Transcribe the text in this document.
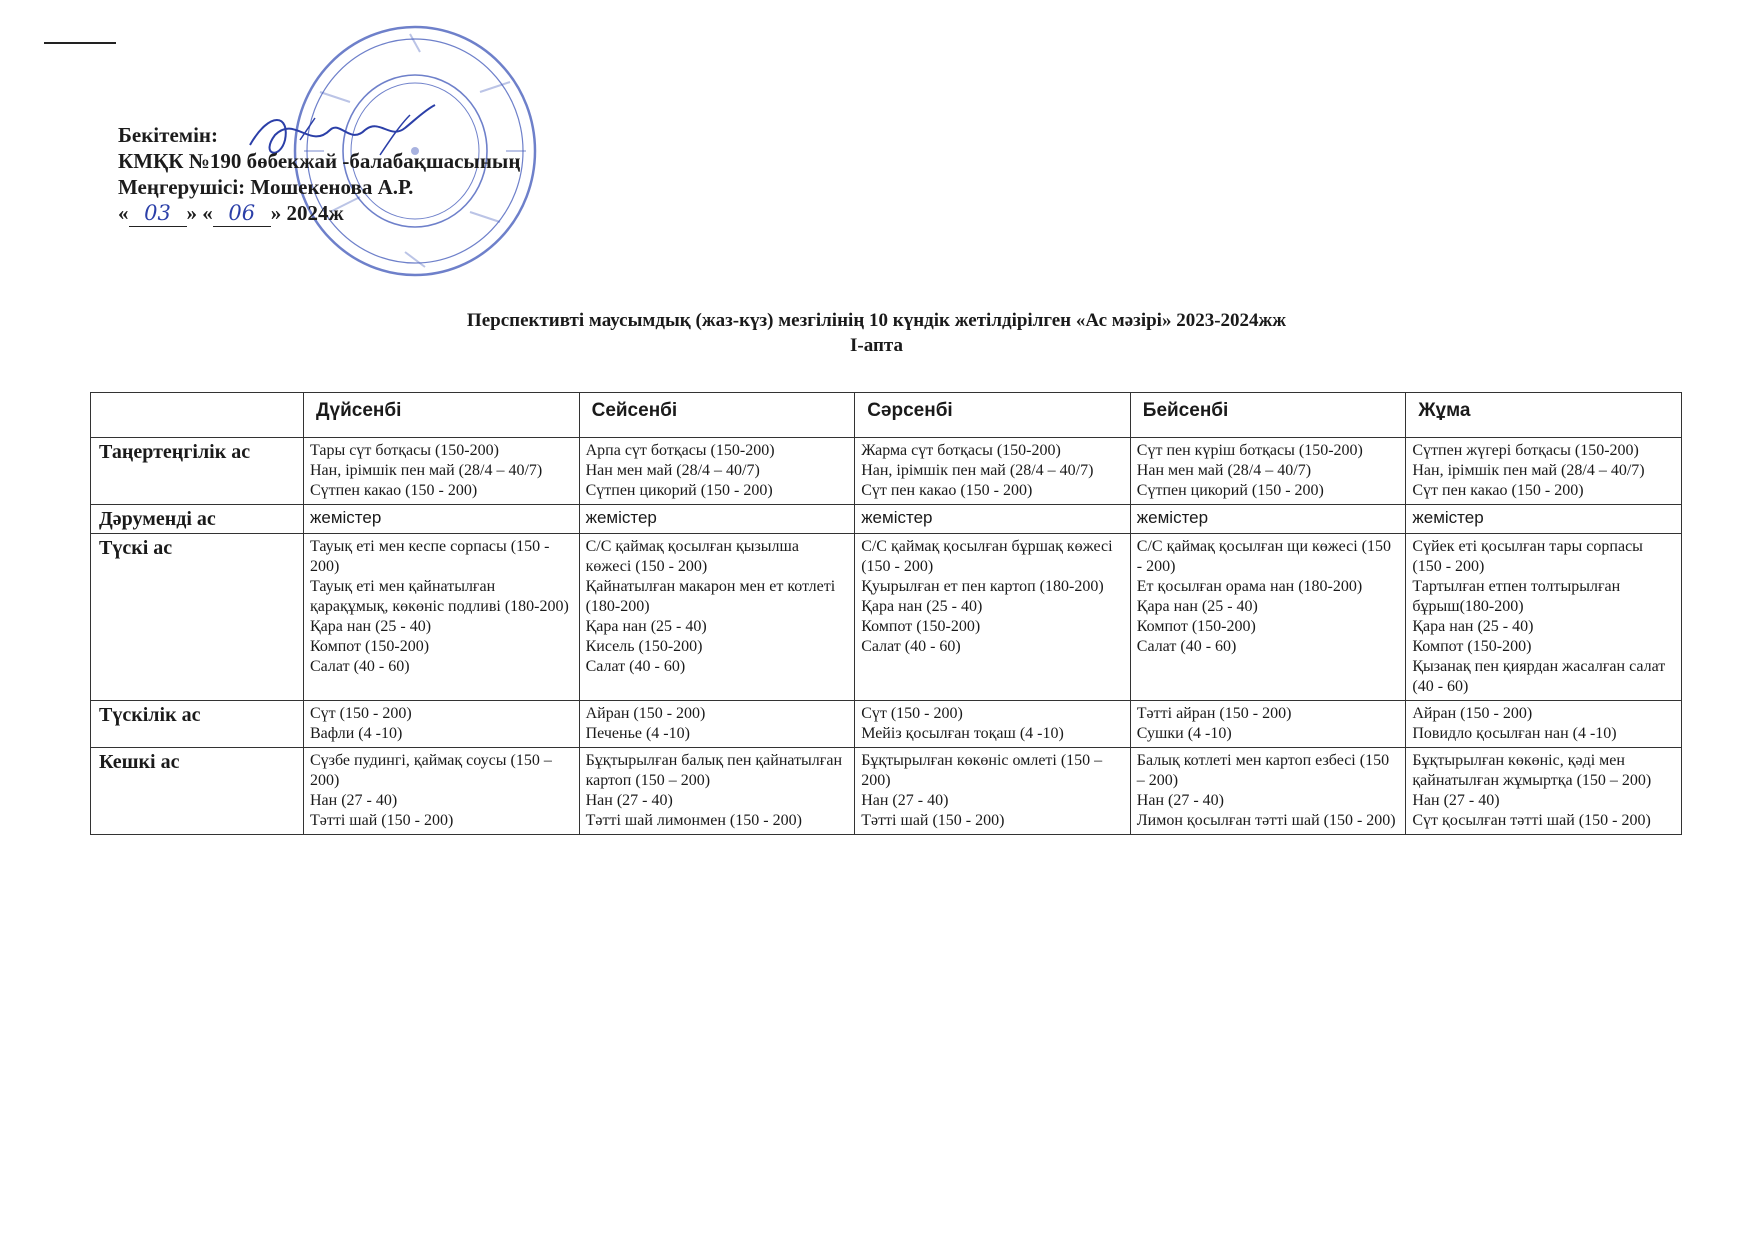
Бекітемін:
КМҚК №190 бөбекжай -балабақшасының
Меңгерушісі: Мошекенова А.Р.
« 03 » « 06 » 2024ж
Перспективті маусымдық (жаз-күз) мезгілінің 10 күндік жетілдірілген «Ас мәзірі» 2023-2024жж
І-апта
	Дүйсенбі	Сейсенбі	Сәрсенбі	Бейсенбі	Жұма
Таңертеңгілік ас	Тары сүт ботқасы (150-200)
Нан, ірімшік пен май (28/4 – 40/7)
Сүтпен какао (150 - 200)	Арпа сүт ботқасы (150-200)
Нан мен май (28/4 – 40/7)
Сүтпен цикорий (150 - 200)	Жарма сүт ботқасы (150-200)
Нан, ірімшік пен май (28/4 – 40/7)
Сүт пен какао (150 - 200)	Сүт пен күріш ботқасы (150-200)
Нан мен май (28/4 – 40/7)
Сүтпен цикорий (150 - 200)	Сүтпен жүгері ботқасы (150-200)
Нан, ірімшік пен май (28/4 – 40/7)
Сүт пен какао (150 - 200)

Дәруменді ас	жемістер	жемістер	жемістер	жемістер	жемістер

Түскі ас	Тауық еті мен кеспе сорпасы (150 - 200)
Тауық еті мен қайнатылған қарақұмық, көкөніс подливі (180-200)
Қара нан (25 - 40)
Компот (150-200)
Салат (40 - 60)	С/С қаймақ қосылған қызылша көжесі (150 - 200)
Қайнатылған макарон мен ет котлеті (180-200)
Қара нан (25 - 40)
Кисель (150-200)
Салат (40 - 60)	С/С қаймақ қосылған бұршақ көжесі (150 - 200)
Қуырылған ет пен картоп (180-200)
Қара нан (25 - 40)
Компот (150-200)
Салат (40 - 60)	С/С қаймақ қосылған щи көжесі (150 - 200)
Ет қосылған орама нан (180-200)
Қара нан (25 - 40)
Компот (150-200)
Салат (40 - 60)	Сүйек еті қосылған тары сорпасы (150 - 200)
Тартылған етпен толтырылған бұрыш(180-200)
Қара нан (25 - 40)
Компот (150-200)
Қызанақ пен қиярдан жасалған салат (40 - 60)

Түскілік ас	Сүт (150 - 200)
Вафли (4 -10)	Айран (150 - 200)
Печенье (4 -10)	Сүт (150 - 200)
Мейіз қосылған тоқаш (4 -10)	Тәтті айран (150 - 200)
Сушки (4 -10)	Айран (150 - 200)
Повидло қосылған нан (4 -10)

Кешкі ас	Сүзбе пудингі, қаймақ соусы (150 – 200)
Нан (27 - 40)
Тәтті шай (150 - 200)	Бұқтырылған балық пен қайнатылған картоп (150 – 200)
Нан (27 - 40)
Тәтті шай лимонмен (150 - 200)	Бұқтырылған көкөніс омлеті (150 – 200)
Нан (27 - 40)
Тәтті шай (150 - 200)	Балық котлеті мен картоп езбесі (150 – 200)
Нан (27 - 40)
Лимон қосылған тәтті шай (150 - 200)	Бұқтырылған көкөніс, қәді мен қайнатылған жұмыртқа (150 – 200)
Нан (27 - 40)
Сүт қосылған тәтті шай (150 - 200)
